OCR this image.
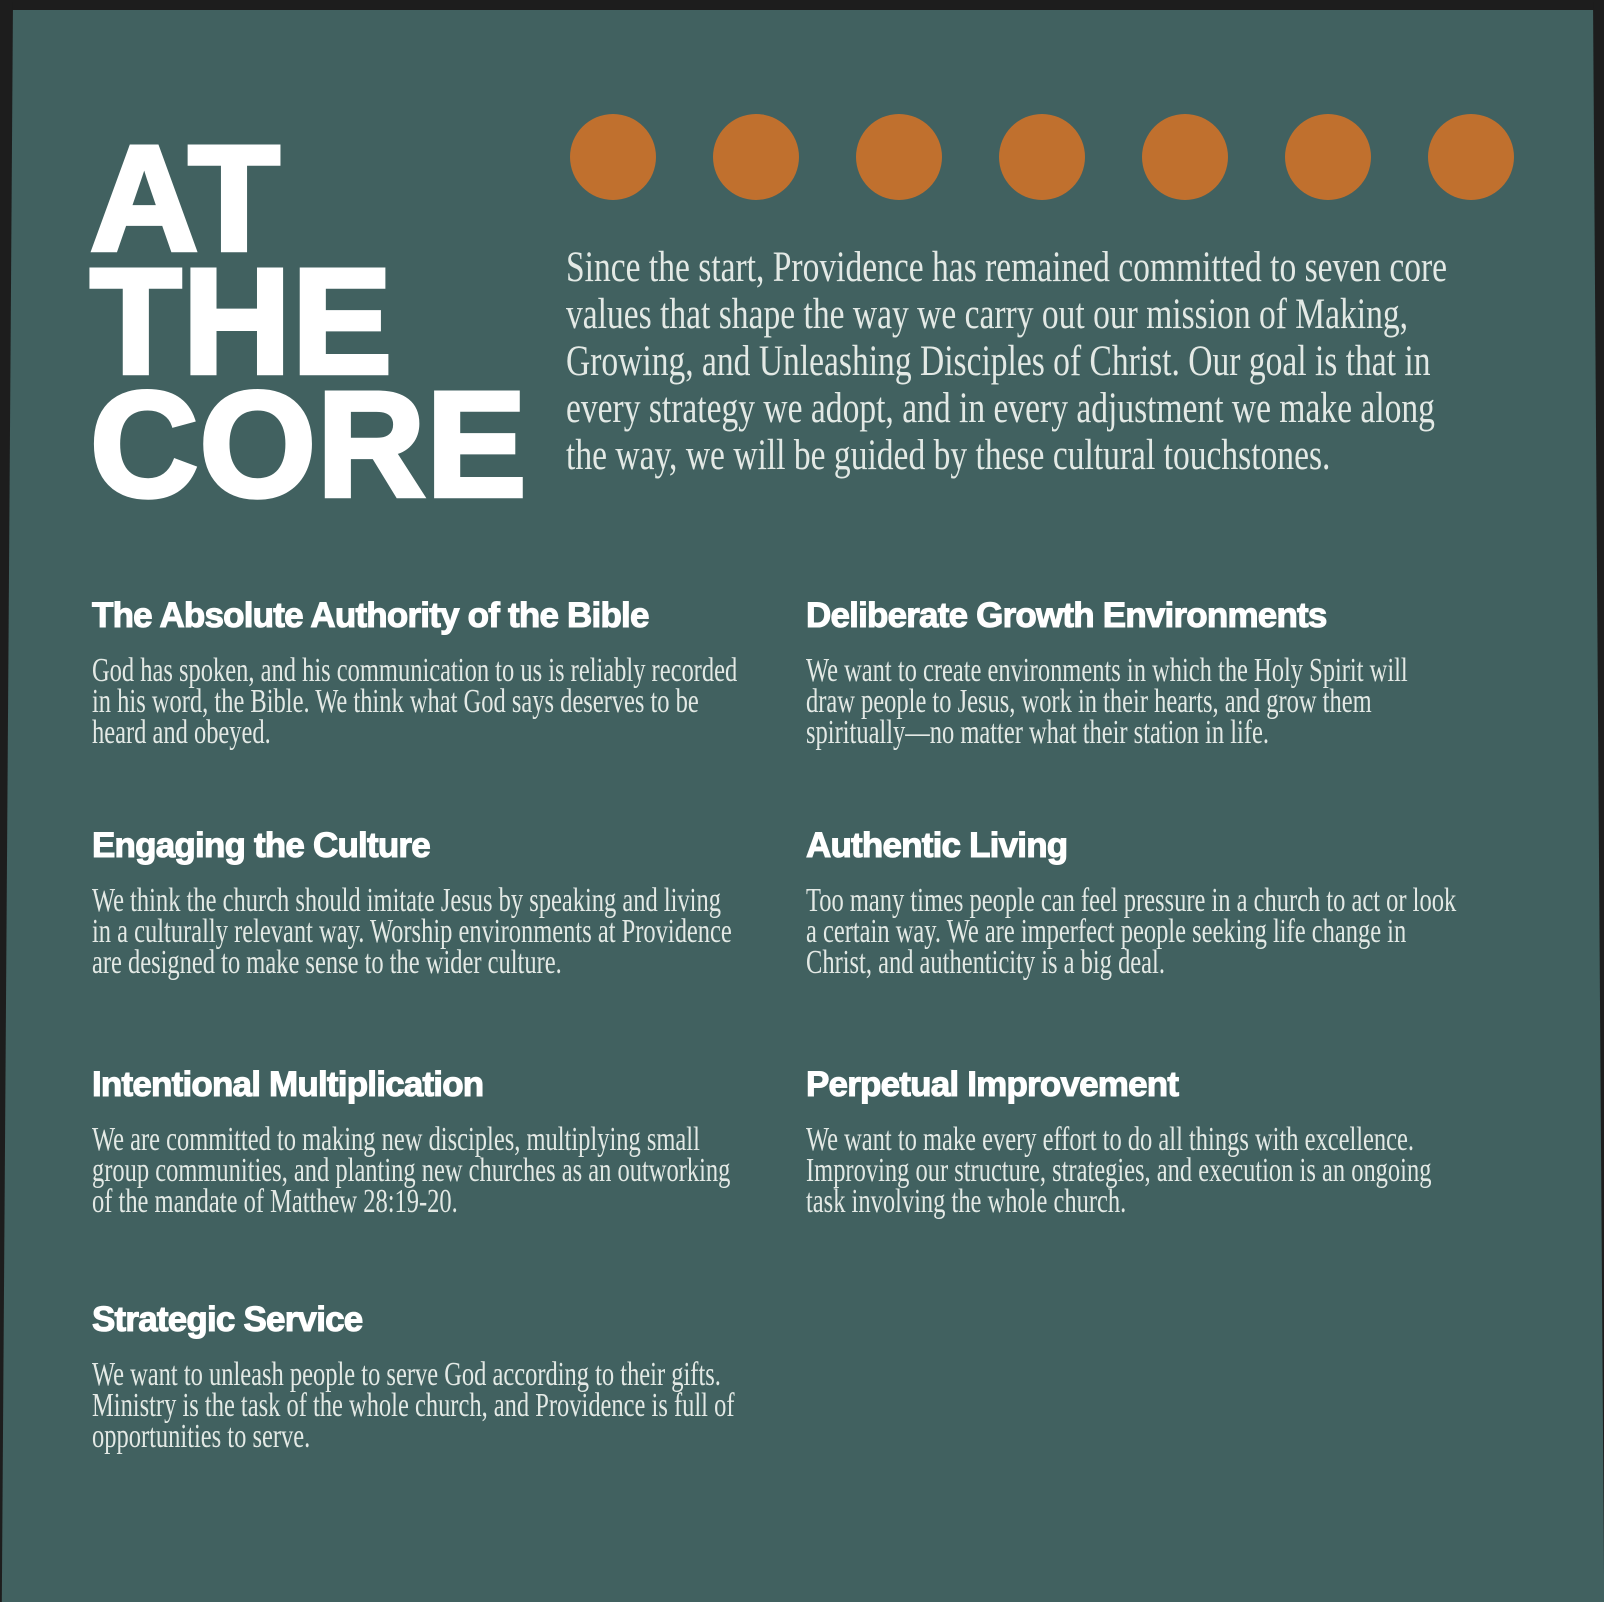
AT
THE
CORE

Since the start, Providence has remained committed to seven core values that shape the way we carry out our mission of Making, Growing, and Unleashing Disciples of Christ. Our goal is that in every strategy we adopt, and in every adjustment we make along the way, we will be guided by these cultural touchstones.

The Absolute Authority of the Bible

God has spoken, and his communication to us is reliably recorded in his word, the Bible. We think what God says deserves to be heard and obeyed.

Engaging the Culture

We think the church should imitate Jesus by speaking and living in a culturally relevant way. Worship environments at Providence are designed to make sense to the wider culture.

Intentional Multiplication

We are committed to making new disciples, multiplying small group communities, and planting new churches as an outworking of the mandate of Matthew 28:19-20.

Strategic Service

We want to unleash people to serve God according to their gifts.  Ministry is the task of the whole church, and Providence is full of opportunities to serve.

Deliberate Growth Environments

We want to create environments in which the Holy Spirit will draw people to Jesus, work in their hearts, and grow them spiritually—no matter what their station in life.

Authentic Living

Too many times people can feel pressure in a church to act or look a certain way. We are imperfect people seeking life change in Christ, and authenticity is a big deal.

Perpetual Improvement

We want to make every effort to do all things with excellence.  Improving our structure, strategies, and execution is an ongoing task involving the whole church.
